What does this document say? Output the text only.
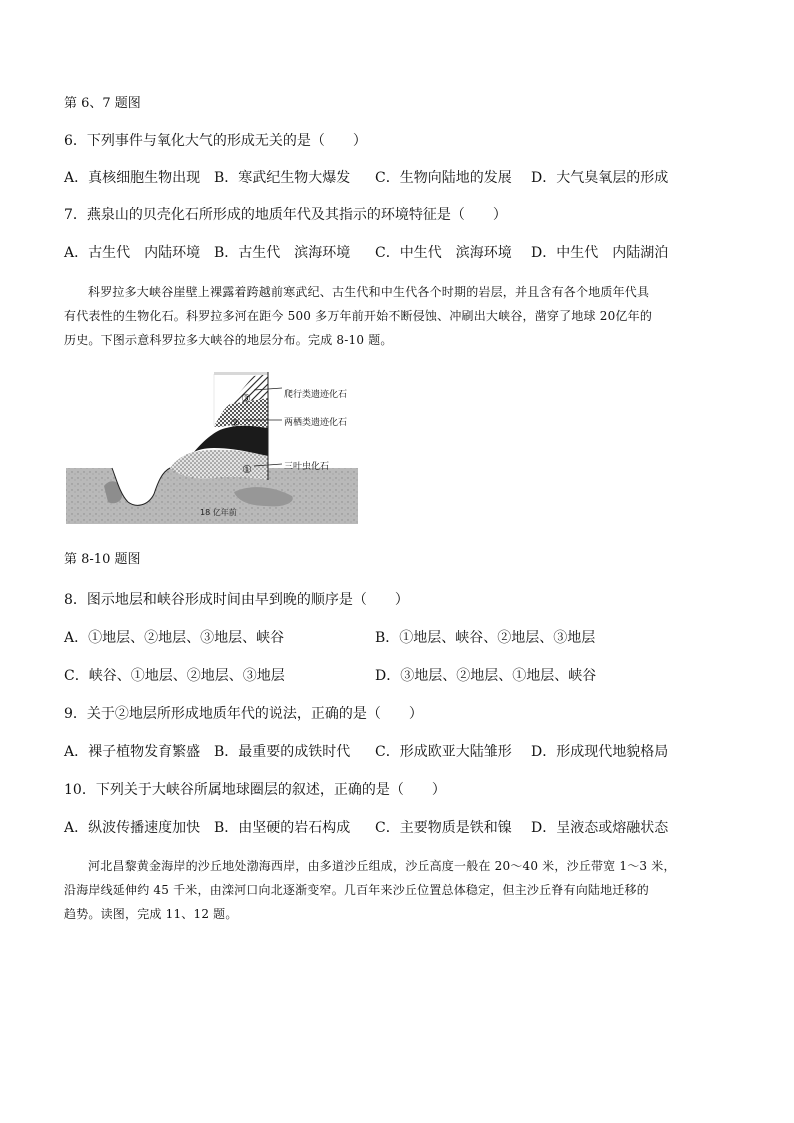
第 6、7 题图
6．下列事件与氧化大气的形成无关的是（　　）
A．真核细胞生物出现 B．寒武纪生物大爆发 C．生物向陆地的发展 D．大气臭氧层的形成
7．燕泉山的贝壳化石所形成的地质年代及其指示的环境特征是（　　）
A．古生代　内陆环境 B．古生代　滨海环境 C．中生代　滨海环境 D．中生代　内陆湖泊
科罗拉多大峡谷崖壁上裸露着跨越前寒武纪、古生代和中生代各个时期的岩层，并且含有各个地质年代具
有代表性的生物化石。科罗拉多河在距今 500 多万年前开始不断侵蚀、冲刷出大峡谷，凿穿了地球 20亿年的
历史。下图示意科罗拉多大峡谷的地层分布。完成 8-10 题。
③
②
①
爬行类遗迹化石
两栖类遗迹化石
三叶虫化石
18 亿年前
第 8-10 题图
8．图示地层和峡谷形成时间由早到晚的顺序是（　　）
A．①地层、②地层、③地层、峡谷	B．①地层、峡谷、②地层、③地层
C．峡谷、①地层、②地层、③地层	D．③地层、②地层、①地层、峡谷
9．关于②地层所形成地质年代的说法，正确的是（　　）
A．裸子植物发育繁盛 B．最重要的成铁时代 C．形成欧亚大陆雏形 D．形成现代地貌格局
10．下列关于大峡谷所属地球圈层的叙述，正确的是（　　）
A．纵波传播速度加快 B．由坚硬的岩石构成 C．主要物质是铁和镍 D．呈液态或熔融状态
河北昌黎黄金海岸的沙丘地处渤海西岸，由多道沙丘组成，沙丘高度一般在 20～40 米，沙丘带宽 1～3 米，
沿海岸线延伸约 45 千米，由滦河口向北逐渐变窄。几百年来沙丘位置总体稳定，但主沙丘脊有向陆地迁移的
趋势。读图，完成 11、12 题。
